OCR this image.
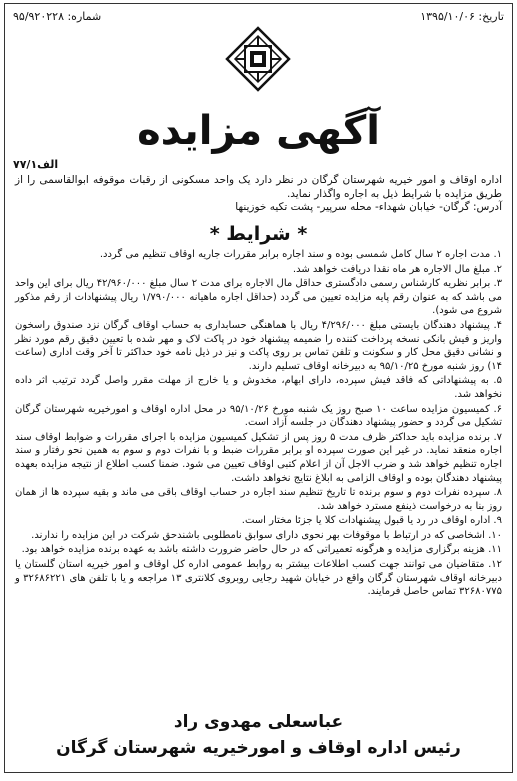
تاریخ: ۱۳۹۵/۱۰/۰۶
شماره: ۹۵/۹۲۰۲۲۸
آگهی مزایده
۷۷/۱الف

اداره اوقاف و امور خیریه شهرستان گرگان در نظر دارد یک واحد مسکونی از رقبات موقوفه ابوالقاسمی را از طریق مزایده با شرایط ذیل به اجاره واگذار نماید.

آدرس: گرگان- خیابان شهداء- محله سرپیر- پشت تکیه خوزینها

* شرایط *
۱. مدت اجاره ۲ سال کامل شمسی بوده و سند اجاره برابر مقررات جاریه اوقاف تنظیم می گردد.
۲. مبلغ مال الاجاره هر ماه نقدا دریافت خواهد شد.
۳. برابر نظریه کارشناس رسمی دادگستری حداقل مال الاجاره برای مدت ۲ سال مبلغ ۴۲/۹۶۰/۰۰۰ ریال برای این واحد می باشد که به عنوان رقم پایه مزایده تعیین می گردد (حداقل اجاره ماهیانه ۱/۷۹۰/۰۰۰ ریال پیشنهادات از رقم مذکور شروع می شود).
۴. پیشنهاد دهندگان بایستی مبلغ ۴/۲۹۶/۰۰۰ ریال با هماهنگی حسابداری به حساب اوقاف گرگان نزد صندوق راسخون واریز و فیش بانکی نسخه پرداخت کننده را ضمیمه پیشنهاد خود در پاکت لاک و مهر شده با تعیین دقیق رقم مورد نظر و نشانی دقیق محل کار و سکونت و تلفن تماس بر روی پاکت و نیز در ذیل نامه خود حداکثر تا آخر وقت اداری (ساعت ۱۴) روز شنبه مورخ ۹۵/۱۰/۲۵ به دبیرخانه اوقاف تسلیم دارند.
۵. به پیشنهاداتی که فاقد فیش سپرده، دارای ابهام، مخدوش و یا خارج از مهلت مقرر واصل گردد ترتیب اثر داده نخواهد شد.
۶. کمیسیون مزایده ساعت ۱۰ صبح روز یک شنبه مورخ ۹۵/۱۰/۲۶ در محل اداره اوقاف و امورخیریه شهرستان گرگان تشکیل می گردد و حضور پیشنهاد دهندگان در جلسه آزاد است.
۷. برنده مزایده باید حداکثر ظرف مدت ۵ روز پس از تشکیل کمیسیون مزایده با اجرای مقررات و ضوابط اوقاف سند اجاره منعقد نماید. در غیر این صورت سپرده او برابر مقررات ضبط و با نفرات دوم و سوم به همین نحو رفتار و سند اجاره تنظیم خواهد شد و ضرب الاجل آن از اعلام کتبی اوقاف تعیین می شود. ضمنا کسب اطلاع از نتیجه مزایده بعهده پیشنهاد دهندگان بوده و اوقاف الزامی به ابلاغ نتایج نخواهد داشت.
۸. سپرده نفرات دوم و سوم برنده تا تاریخ تنظیم سند اجاره در حساب اوقاف باقی می ماند و بقیه سپرده ها از همان روز بنا به درخواست ذینفع مسترد خواهد شد.
۹. اداره اوقاف در رد یا قبول پیشنهادات کلا یا جزئا مختار است.
۱۰. اشخاصی که در ارتباط با موقوفات بهر نحوی دارای سوابق نامطلوبی باشندحق شرکت در این مزایده را ندارند.
۱۱. هزینه برگزاری مزایده و هرگونه تعمیراتی که در حال حاضر ضرورت داشته باشد به عهده برنده مزایده خواهد بود.
۱۲. متقاضیان می توانند جهت کسب اطلاعات بیشتر به روابط عمومی اداره کل اوقاف و امور خیریه استان گلستان یا دبیرخانه اوقاف شهرستان گرگان واقع در خیابان شهید رجایی روبروی کلانتری ۱۳ مراجعه و یا با تلفن های ۳۲۶۸۶۲۲۱ و ۳۲۶۸۰۷۷۵ تماس حاصل فرمایند.
عباسعلی مهدوی راد
رئیس اداره اوقاف و امورخیریه شهرستان گرگان
